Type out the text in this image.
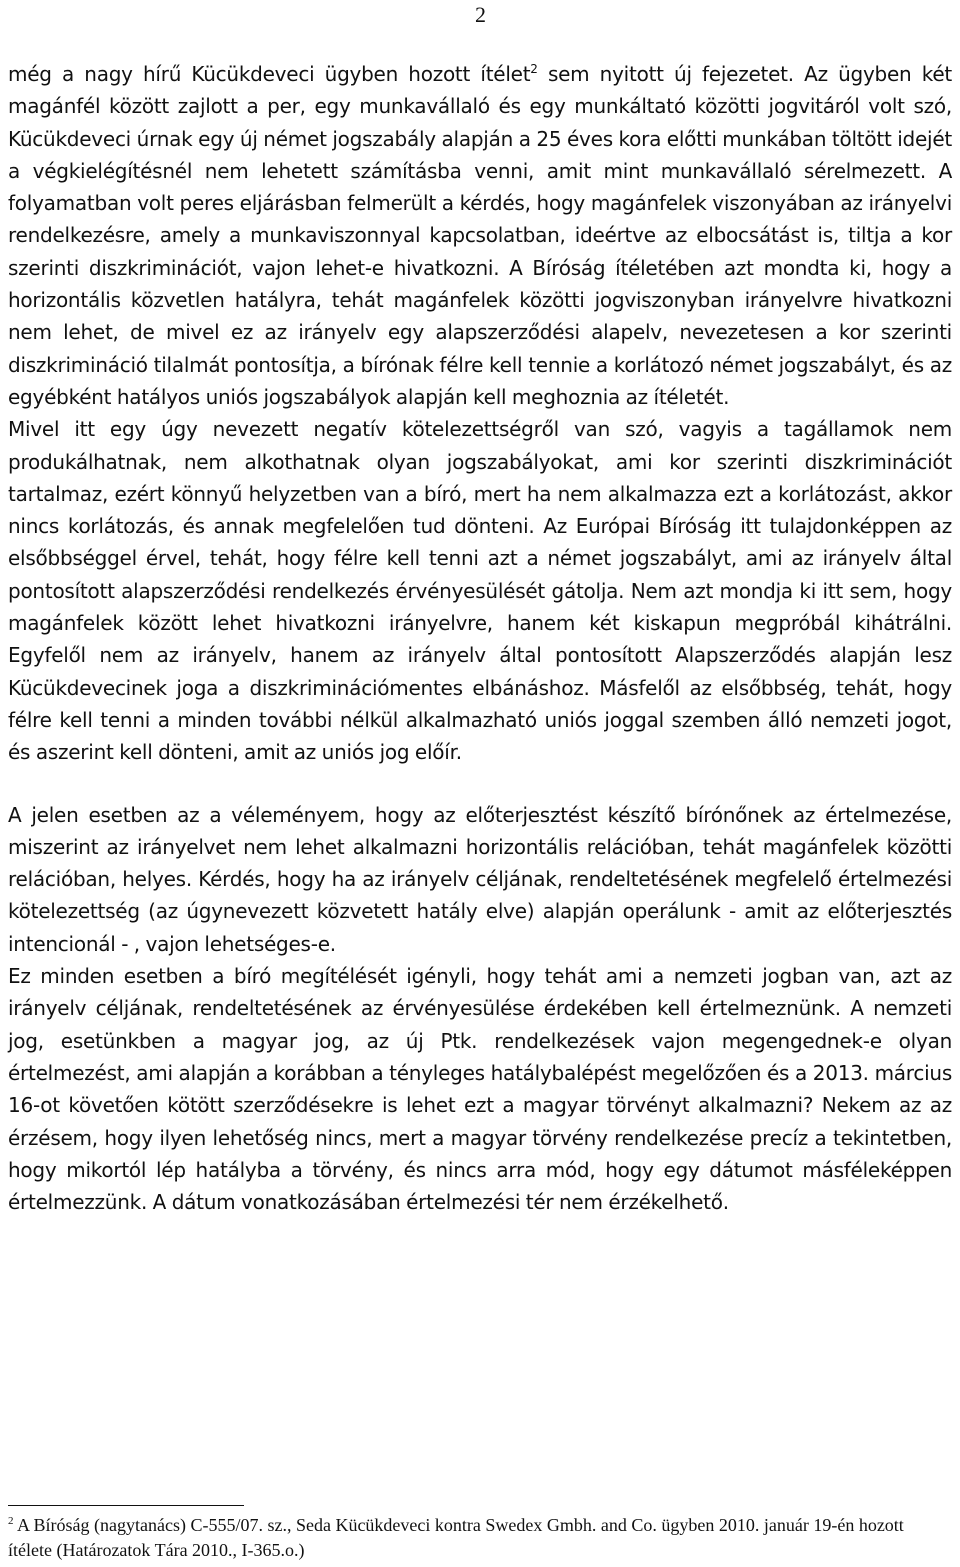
2

még a nagy hírű Kücükdeveci ügyben hozott ítélet$^2$ sem nyitott új fejezetet. Az ügyben két magánfél között zajlott a per, egy munkavállaló és egy munkáltató közötti jogvitáról volt szó, Kücükdeveci úrnak egy új német jogszabály alapján a 25 éves kora előtti munkában töltött idejét a végkielégítésnél nem lehetett számításba venni, amit mint munkavállaló sérelmezett. A folyamatban volt peres eljárásban felmerült a kérdés, hogy magánfelek viszonyában az irányelvi rendelkezésre, amely a munkaviszonnyal kapcsolatban, ideértve az elbocsátást is, tiltja a kor szerinti diszkriminációt, vajon lehet-e hivatkozni. A Bíróság ítéletében azt mondta ki, hogy a horizontális közvetlen hatályra, tehát magánfelek közötti jogviszonyban irányelvre hivatkozni nem lehet, de mivel ez az irányelv egy alapszerződési alapelv, nevezetesen a kor szerinti diszkrimináció tilalmát pontosítja, a bírónak félre kell tennie a korlátozó német jogszabályt, és az egyébként hatályos uniós jogszabályok alapján kell meghoznia az ítéletét.

Mivel itt egy úgy nevezett negatív kötelezettségről van szó, vagyis a tagállamok nem produkálhatnak, nem alkothatnak olyan jogszabályokat, ami kor szerinti diszkriminációt tartalmaz, ezért könnyű helyzetben van a bíró, mert ha nem alkalmazza ezt a korlátozást, akkor nincs korlátozás, és annak megfelelően tud dönteni. Az Európai Bíróság itt tulajdonképpen az elsőbbséggel érvel, tehát, hogy félre kell tenni azt a német jogszabályt, ami az irányelv által pontosított alapszerződési rendelkezés érvényesülését gátolja. Nem azt mondja ki itt sem, hogy magánfelek között lehet hivatkozni irányelvre, hanem két kiskapun megpróbál kihátrálni. Egyfelől nem az irányelv, hanem az irányelv által pontosított Alapszerződés alapján lesz Kücükdevecinek joga a diszkriminációmentes elbánáshoz. Másfelől az elsőbbség, tehát, hogy félre kell tenni a minden további nélkül alkalmazható uniós joggal szemben álló nemzeti jogot, és aszerint kell dönteni, amit az uniós jog előír.

A jelen esetben az a véleményem, hogy az előterjesztést készítő bírónőnek az értelmezése, miszerint az irányelvet nem lehet alkalmazni horizontális relációban, tehát magánfelek közötti relációban, helyes. Kérdés, hogy ha az irányelv céljának, rendeltetésének megfelelő értelmezési kötelezettség (az úgynevezett közvetett hatály elve) alapján operálunk - amit az előterjesztés intencionál - , vajon lehetséges-e.

Ez minden esetben a bíró megítélését igényli, hogy tehát ami a nemzeti jogban van, azt az irányelv céljának, rendeltetésének az érvényesülése érdekében kell értelmeznünk. A nemzeti jog, esetünkben a magyar jog, az új Ptk. rendelkezések vajon megengednek-e olyan értelmezést, ami alapján a korábban a tényleges hatálybalépést megelőzően és a 2013. március 16-ot követően kötött szerződésekre is lehet ezt a magyar törvényt alkalmazni? Nekem az az érzésem, hogy ilyen lehetőség nincs, mert a magyar törvény rendelkezése precíz a tekintetben, hogy mikortól lép hatályba a törvény, és nincs arra mód, hogy egy dátumot másféleképpen értelmezzünk. A dátum vonatkozásában értelmezési tér nem érzékelhető.

$^2$ A Bíróság (nagytanács) C-555/07. sz., Seda Kücükdeveci kontra Swedex Gmbh. and Co. ügyben 2010. január 19-én hozott ítélete (Határozatok Tára 2010., I-365.o.)
